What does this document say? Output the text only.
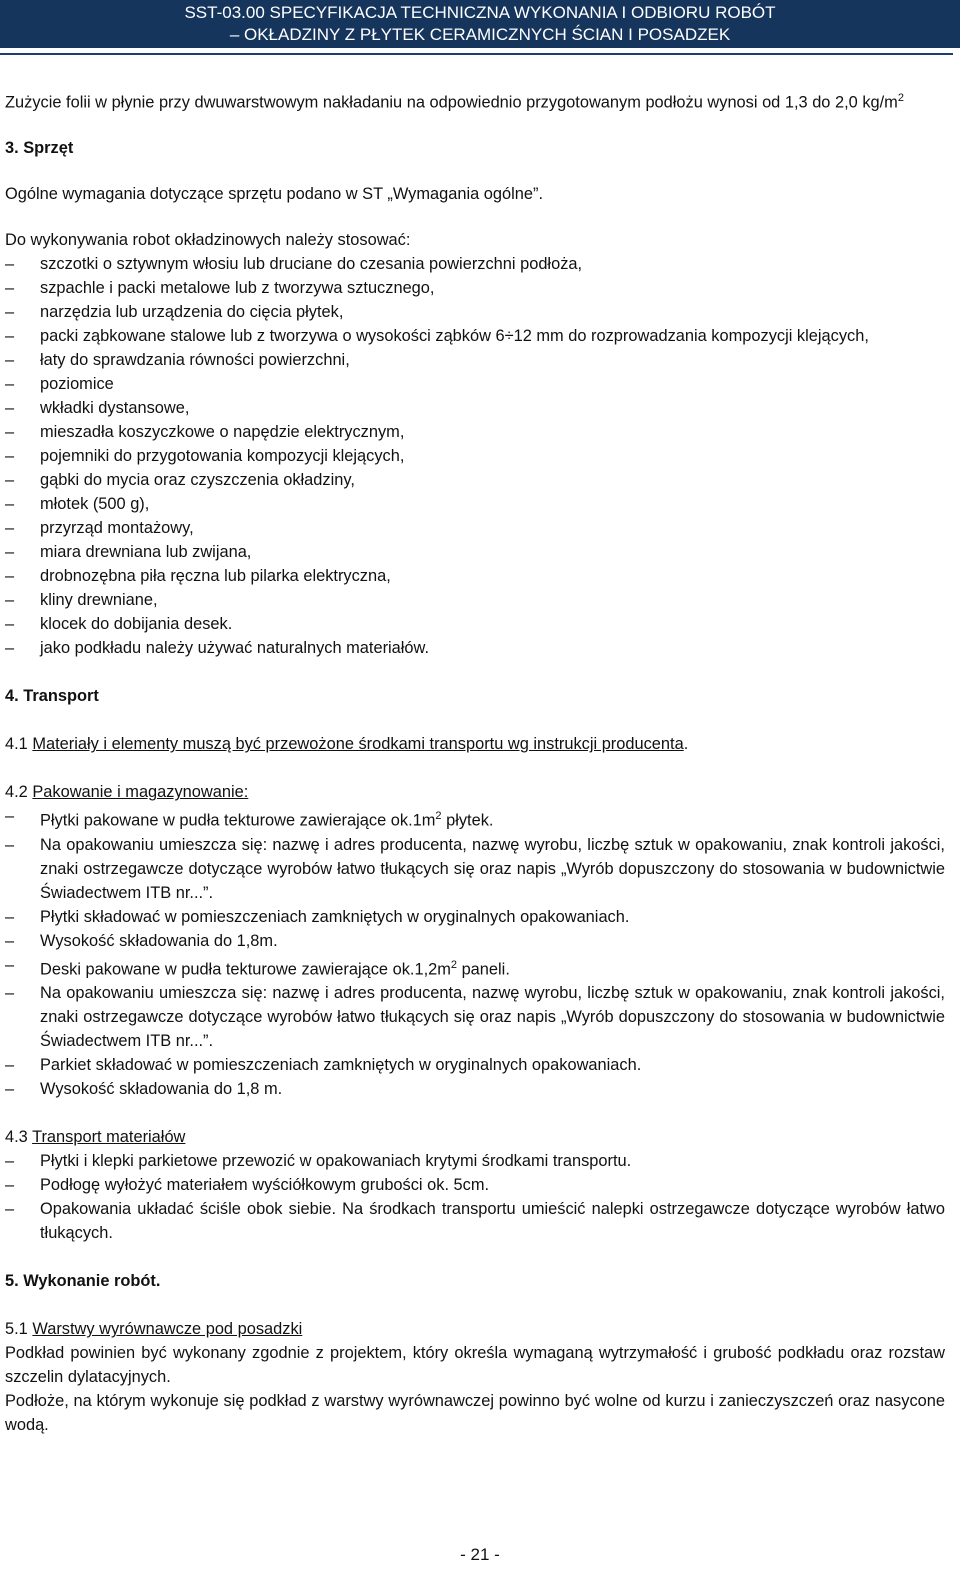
SST-03.00 SPECYFIKACJA TECHNICZNA WYKONANIA I ODBIORU ROBÓT
– OKŁADZINY Z PŁYTEK CERAMICZNYCH ŚCIAN I POSADZEK

Zużycie folii w płynie przy dwuwarstwowym nakładaniu na odpowiednio przygotowanym podłożu wynosi od 1,3 do 2,0 $kg/m^2$

3. Sprzęt

Ogólne wymagania dotyczące sprzętu podano w ST „Wymagania ogólne”.

Do wykonywania robot okładzinowych należy stosować:

– szczotki o sztywnym włosiu lub druciane do czesania powierzchni podłoża,
– szpachle i packi metalowe lub z tworzywa sztucznego,
– narzędzia lub urządzenia do cięcia płytek,
– packi ząbkowane stalowe lub z tworzywa o wysokości ząbków 6÷12 mm do rozprowadzania kompozycji klejących,
– łaty do sprawdzania równości powierzchni,
– poziomice
– wkładki dystansowe,
– mieszadła koszyczkowe o napędzie elektrycznym,
– pojemniki do przygotowania kompozycji klejących,
– gąbki do mycia oraz czyszczenia okładziny,
– młotek (500 g),
– przyrząd montażowy,
– miara drewniana lub zwijana,
– drobnozębna piła ręczna lub pilarka elektryczna,
– kliny drewniane,
– klocek do dobijania desek.
– jako podkładu należy używać naturalnych materiałów.

4. Transport

4.1 Materiały i elementy muszą być przewożone środkami transportu wg instrukcji producenta.

4.2 Pakowanie i magazynowanie:

– Płytki pakowane w pudła tekturowe zawierające $ok.1m^2$ płytek.
– Na opakowaniu umieszcza się: nazwę i adres producenta, nazwę wyrobu, liczbę sztuk w opakowaniu, znak kontroli jakości, znaki ostrzegawcze dotyczące wyrobów łatwo tłukących się oraz napis „Wyrób dopuszczony do stosowania w budownictwie Świadectwem ITB nr...”.
– Płytki składować w pomieszczeniach zamkniętych w oryginalnych opakowaniach.
– Wysokość składowania do 1,8m.
– Deski pakowane w pudła tekturowe zawierające $ok.1,2m^2$ paneli.
– Na opakowaniu umieszcza się: nazwę i adres producenta, nazwę wyrobu, liczbę sztuk w opakowaniu, znak kontroli jakości, znaki ostrzegawcze dotyczące wyrobów łatwo tłukących się oraz napis „Wyrób dopuszczony do stosowania w budownictwie Świadectwem ITB nr...”.
– Parkiet składować w pomieszczeniach zamkniętych w oryginalnych opakowaniach.
– Wysokość składowania do 1,8 m.

4.3 Transport materiałów

– Płytki i klepki parkietowe przewozić w opakowaniach krytymi środkami transportu.
– Podłogę wyłożyć materiałem wyściółkowym grubości ok. 5cm.
– Opakowania układać ściśle obok siebie. Na środkach transportu umieścić nalepki ostrzegawcze dotyczące wyrobów łatwo tłukących.

5. Wykonanie robót.

5.1 Warstwy wyrównawcze pod posadzki

Podkład powinien być wykonany zgodnie z projektem, który określa wymaganą wytrzymałość i grubość podkładu oraz rozstaw szczelin dylatacyjnych.

Podłoże, na którym wykonuje się podkład z warstwy wyrównawczej powinno być wolne od kurzu i zanieczyszczeń oraz nasycone wodą.

- 21 -
